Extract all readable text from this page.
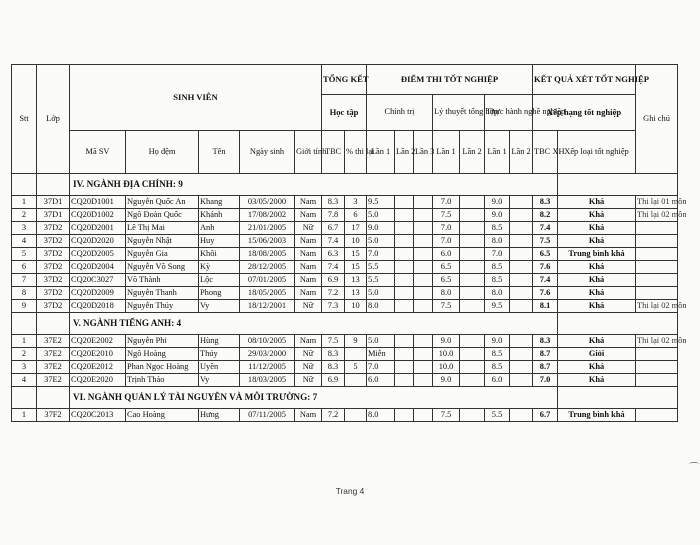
Stt	Lớp	SINH VIÊN					TỔNG KẾT		ĐIỂM THI TỐT NGHIỆP							KẾT QUẢ XÉT TỐT NGHIỆP		Ghi chú
							Học tập		Chính trị			Lý thuyết tổng hợp		Thực hành nghề nghiệp		Xếp hạng tốt nghiệp		
		Mã SV	Họ đệm	Tên	Ngày sinh	Giới tính	TBC	% thi lại	Lần 1	Lần 2	Lần 3	Lần 1	Lần 2	Lần 1	Lần 2	TBC XH	Xếp loại tốt nghiệp	
		IV. NGÀNH ĐỊA CHÍNH: 9																
1	37D1	CQ20D1001	Nguyễn Quốc An	Khang	03/05/2000	Nam	8.3	3	9.5			7.0		9.0		8.3	Khá	Thi lại 01 môn
2	37D1	CQ20D1002	Ngô Đoàn Quốc	Khánh	17/08/2002	Nam	7.8	6	5.0			7.5		9.0		8.2	Khá	Thi lại 02 môn
3	37D2	CQ20D2001	Lê Thị Mai	Anh	21/01/2005	Nữ	6.7	17	9.0			7.0		8.5		7.4	Khá	
4	37D2	CQ20D2020	Nguyễn Nhật	Huy	15/06/2003	Nam	7.4	10	5.0			7.0		8.0		7.5	Khá	
5	37D2	CQ20D2005	Nguyễn Gia	Khôi	18/08/2005	Nam	6.3	15	7.0			6.0		7.0		6.5	Trung bình khá	
6	37D2	CQ20D2004	Nguyễn Võ Song	Kỳ	28/12/2005	Nam	7.4	15	5.5			6.5		8.5		7.6	Khá	
7	37D2	CQ20C3027	Võ Thành	Lộc	07/01/2005	Nam	6.9	13	5.5			6.5		8.5		7.4	Khá	
8	37D2	CQ20D2009	Nguyễn Thanh	Phong	18/05/2005	Nam	7.2	13	5.0			8.0		8.0		7.6	Khá	
9	37D2	CQ20D2018	Nguyễn Thúy	Vy	18/12/2001	Nữ	7.3	10	8.0			7.5		9.5		8.1	Khá	Thi lại 02 môn
		V. NGÀNH TIẾNG ANH: 4																
1	37E2	CQ20E2002	Nguyễn Phi	Hùng	08/10/2005	Nam	7.5	9	5.0			9.0		9.0		8.3	Khá	Thi lại 02 môn
2	37E2	CQ20E2010	Ngô Hoàng	Thúy	29/03/2000	Nữ	8.3		Miễn			10.0		8.5		8.7	Giỏi	
3	37E2	CQ20E2012	Phan Ngọc Hoàng	Uyên	11/12/2005	Nữ	8.3	5	7.0			10.0		8.5		8.7	Khá	
4	37E2	CQ20E2020	Trịnh Thảo	Vy	18/03/2005	Nữ	6.9		6.0			9.0		6.0		7.0	Khá	
		VI. NGÀNH QUẢN LÝ TÀI NGUYÊN VÀ MÔI TRƯỜNG: 7																
1	37F2	CQ20C2013	Cao Hoàng	Hưng	07/11/2005	Nam	7.2		8.0			7.5		5.5		6.7	Trung bình khá	
Trang 4
⌒
